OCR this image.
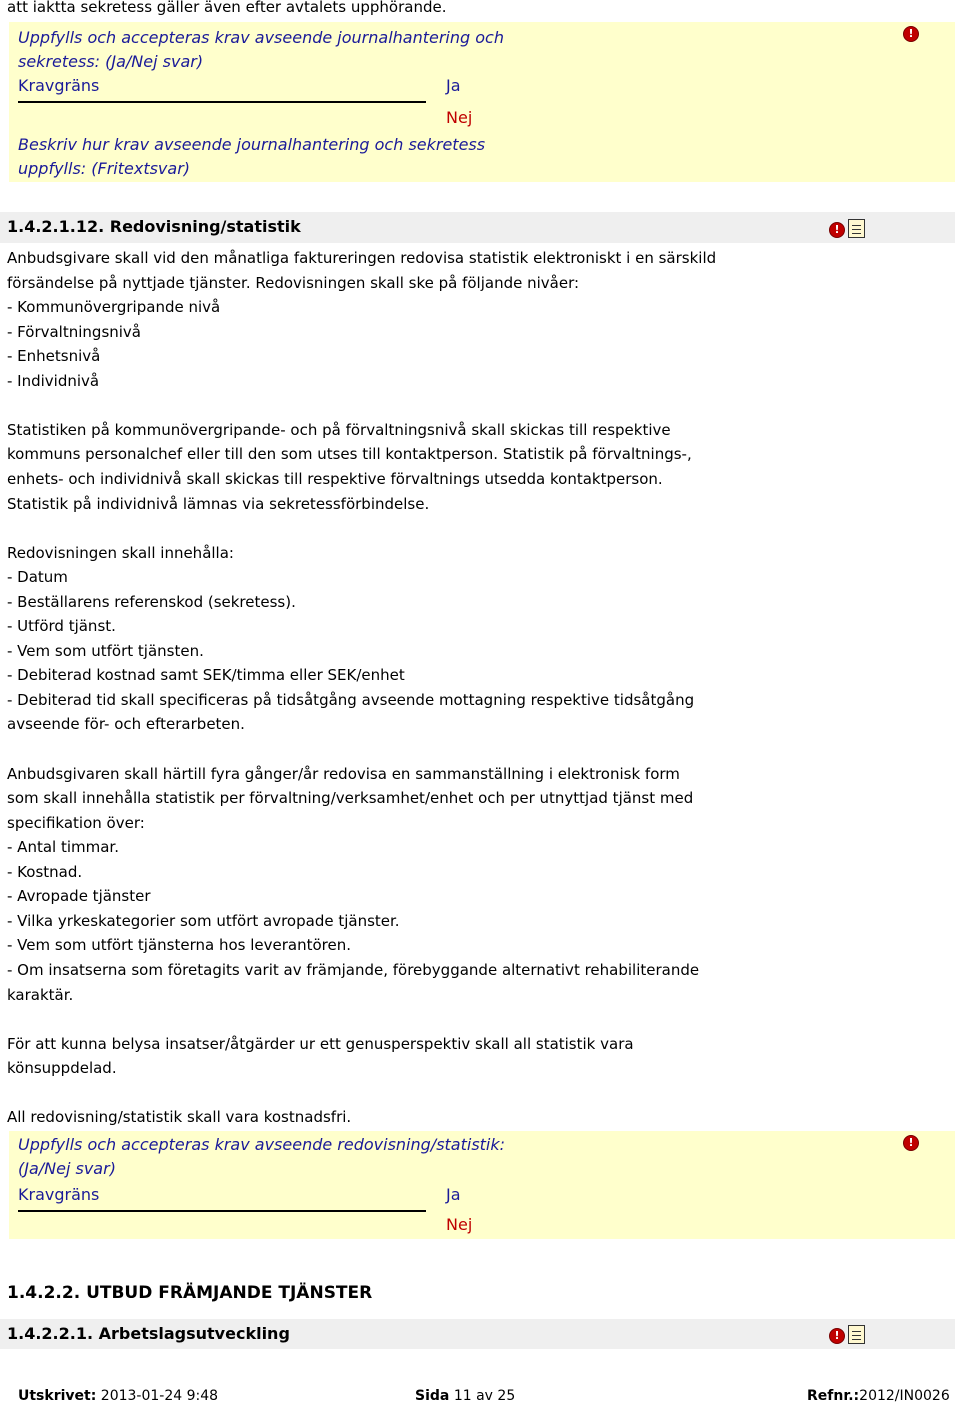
att iaktta sekretess gäller även efter avtalets upphörande.
Uppfylls och accepteras krav avseende journalhantering och
sekretess: (Ja/Nej svar)
Kravgräns	Ja
Nej
Beskriv hur krav avseende journalhantering och sekretess
uppfylls: (Fritextsvar)
!
1.4.2.1.12. Redovisning/statistik	!
Anbudsgivare skall vid den månatliga faktureringen redovisa statistik elektroniskt i en särskild
försändelse på nyttjade tjänster. Redovisningen skall ske på följande nivåer:
- Kommunövergripande nivå
- Förvaltningsnivå
- Enhetsnivå
- Individnivå
Statistiken på kommunövergripande- och på förvaltningsnivå skall skickas till respektive
kommuns personalchef eller till den som utses till kontaktperson. Statistik på förvaltnings-,
enhets- och individnivå skall skickas till respektive förvaltnings utsedda kontaktperson.
Statistik på individnivå lämnas via sekretessförbindelse.
Redovisningen skall innehålla:
- Datum
- Beställarens referenskod (sekretess).
- Utförd tjänst.
- Vem som utfört tjänsten.
- Debiterad kostnad samt SEK/timma eller SEK/enhet
- Debiterad tid skall specificeras på tidsåtgång avseende mottagning respektive tidsåtgång
avseende för- och efterarbeten.
Anbudsgivaren skall härtill fyra gånger/år redovisa en sammanställning i elektronisk form
som skall innehålla statistik per förvaltning/verksamhet/enhet och per utnyttjad tjänst med
specifikation över:
- Antal timmar.
- Kostnad.
- Avropade tjänster
- Vilka yrkeskategorier som utfört avropade tjänster.
- Vem som utfört tjänsterna hos leverantören.
- Om insatserna som företagits varit av främjande, förebyggande alternativt rehabiliterande
karaktär.
För att kunna belysa insatser/åtgärder ur ett genusperspektiv skall all statistik vara
könsuppdelad.
All redovisning/statistik skall vara kostnadsfri.
Uppfylls och accepteras krav avseende redovisning/statistik:
(Ja/Nej svar)
Kravgräns	Ja
Nej
!
1.4.2.2. UTBUD FRÄMJANDE TJÄNSTER
1.4.2.2.1. Arbetslagsutveckling	!
Utskrivet: 2013-01-24 9:48	Sida 11 av 25	Refnr.:2012/IN0026
